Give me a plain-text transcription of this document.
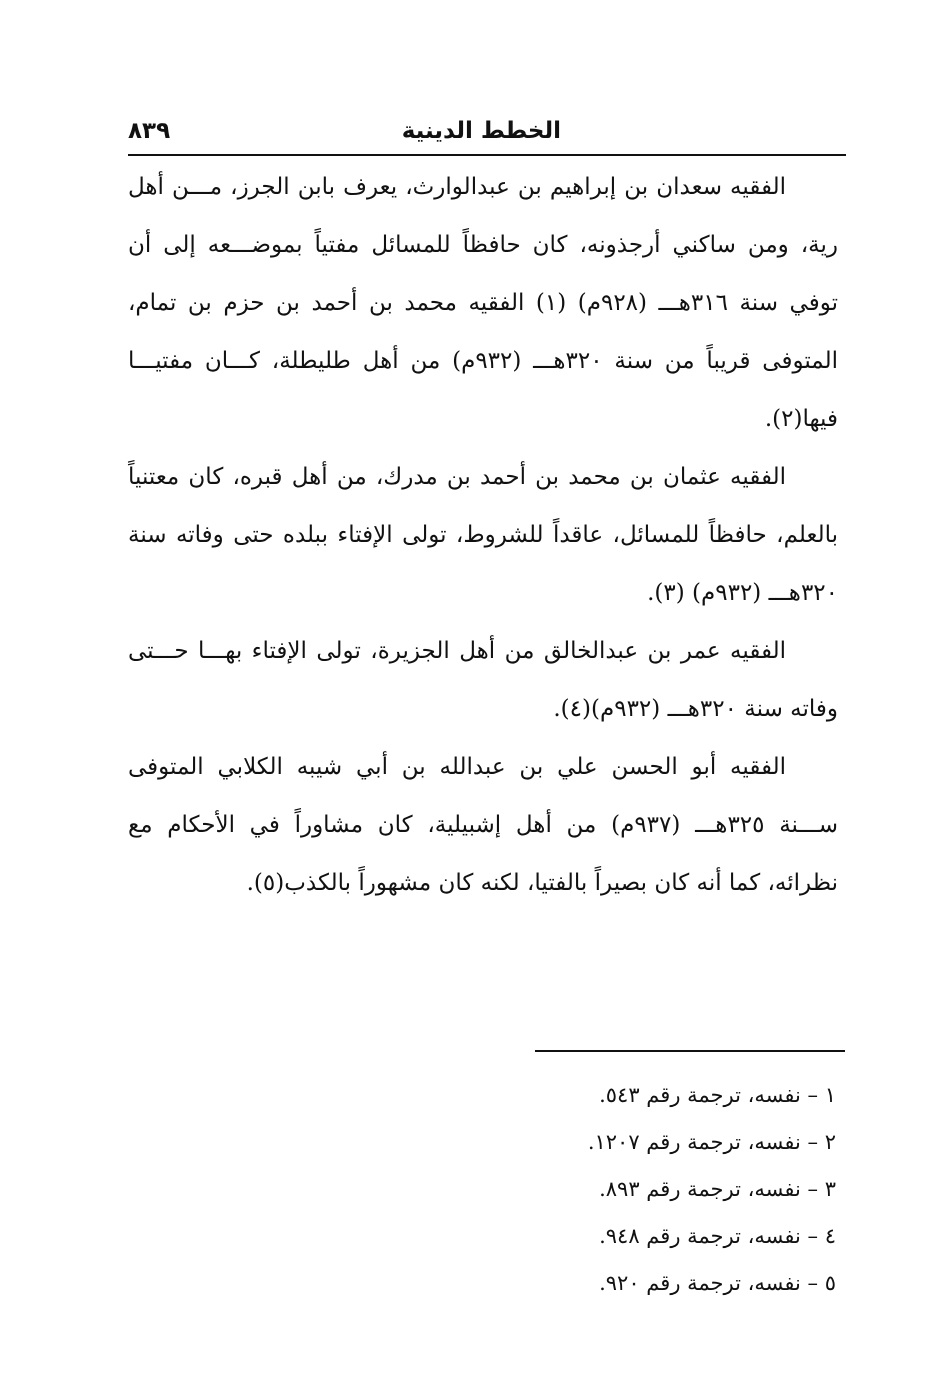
الخطط الدينية
٨٣٩

الفقيه سعدان بن إبراهيم بن عبدالوارث، يعرف بابن الجرز، مـــن أهل رية، ومن ساكني أرجذونه، كان حافظاً للمسائل مفتياً بموضـــعه إلى أن توفي سنة ٣١٦هـــ (٩٢٨م) (١) الفقيه محمد بن أحمد بن حزم بن تمام، المتوفى قريباً من سنة ٣٢٠هـــ (٩٣٢م) من أهل طليطلة، كـــان مفتيـــا فيها(٢).

الفقيه عثمان بن محمد بن أحمد بن مدرك، من أهل قبره، كان معتنياً بالعلم، حافظاً للمسائل، عاقداً للشروط، تولى الإفتاء ببلده حتى وفاته سنة ٣٢٠هـــ (٩٣٢م) (٣).

الفقيه عمر بن عبدالخالق من أهل الجزيرة، تولى الإفتاء بهـــا حـــتى وفاته سنة ٣٢٠هـــ (٩٣٢م)(٤).

الفقيه أبو الحسن علي بن عبدالله بن أبي شيبه الكلابي المتوفى ســـنة ٣٢٥هـــ (٩٣٧م) من أهل إشبيلية، كان مشاوراً في الأحكام مع نظرائه، كما أنه كان بصيراً بالفتيا، لكنه كان مشهوراً بالكذب(٥).

١ – نفسه، ترجمة رقم ٥٤٣.
٢ – نفسه، ترجمة رقم ١٢٠٧.
٣ – نفسه، ترجمة رقم ٨٩٣.
٤ – نفسه، ترجمة رقم ٩٤٨.
٥ – نفسه، ترجمة رقم ٩٢٠.
